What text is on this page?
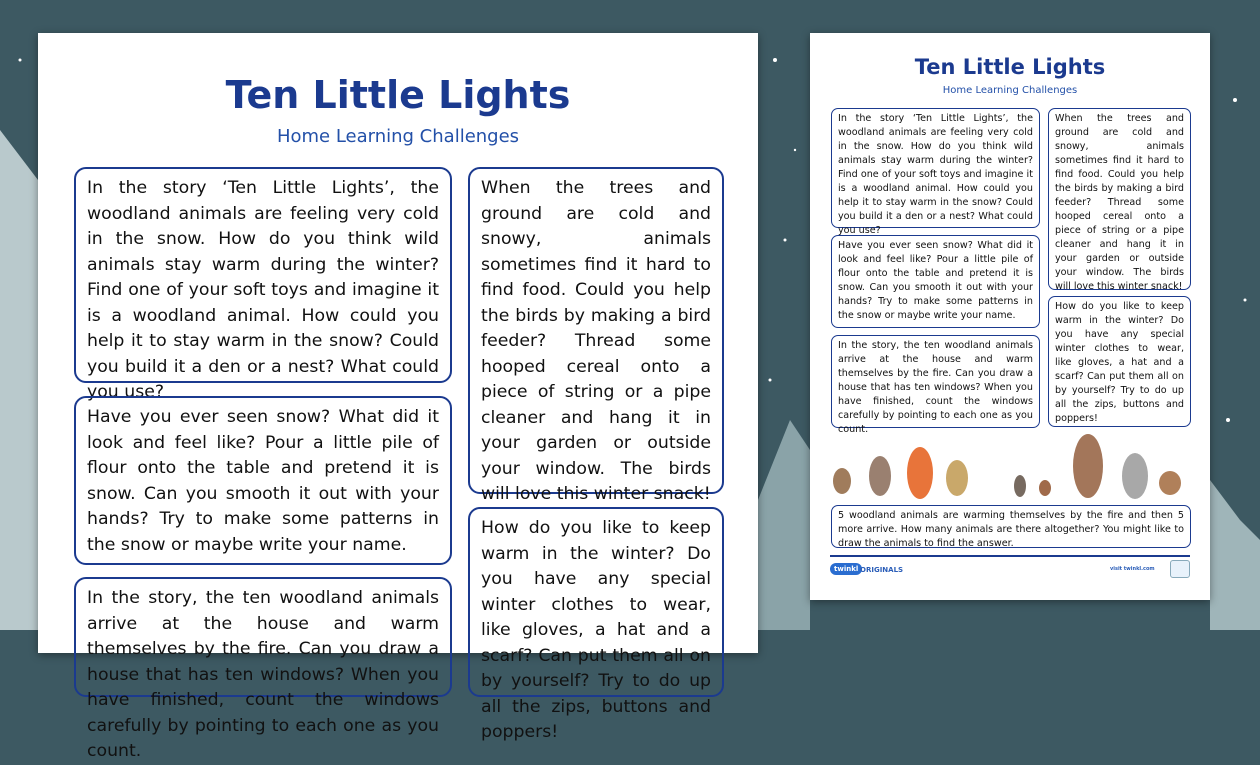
Ten Little Lights
Home Learning Challenges
In the story ‘Ten Little Lights’, the woodland animals are feeling very cold in the snow. How do you think wild animals stay warm during the winter? Find one of your soft toys and imagine it is a woodland animal. How could you help it to stay warm in the snow? Could you build it a den or a nest? What could you use?
Have you ever seen snow? What did it look and feel like? Pour a little pile of flour onto the table and pretend it is snow. Can you smooth it out with your hands? Try to make some patterns in the snow or maybe write your name.
In the story, the ten woodland animals arrive at the house and warm themselves by the fire. Can you draw a house that has ten windows? When you have finished, count the windows carefully by pointing to each one as you count.
When the trees and ground are cold and snowy, animals sometimes find it hard to find food. Could you help the birds by making a bird feeder? Thread some hooped cereal onto a piece of string or a pipe cleaner and hang it in your garden or outside your window. The birds will love this winter snack!
How do you like to keep warm in the winter? Do you have any special winter clothes to wear, like gloves, a hat and a scarf? Can put them all on by yourself? Try to do up all the zips, buttons and poppers!
Ten Little Lights
Home Learning Challenges
In the story ‘Ten Little Lights’, the woodland animals are feeling very cold in the snow. How do you think wild animals stay warm during the winter? Find one of your soft toys and imagine it is a woodland animal. How could you help it to stay warm in the snow? Could you build it a den or a nest? What could you use?
Have you ever seen snow? What did it look and feel like? Pour a little pile of flour onto the table and pretend it is snow. Can you smooth it out with your hands? Try to make some patterns in the snow or maybe write your name.
In the story, the ten woodland animals arrive at the house and warm themselves by the fire. Can you draw a house that has ten windows? When you have finished, count the windows carefully by pointing to each one as you count.
When the trees and ground are cold and snowy, animals sometimes find it hard to find food. Could you help the birds by making a bird feeder? Thread some hooped cereal onto a piece of string or a pipe cleaner and hang it in your garden or outside your window. The birds will love this winter snack!
How do you like to keep warm in the winter? Do you have any special winter clothes to wear, like gloves, a hat and a scarf? Can put them all on by yourself? Try to do up all the zips, buttons and poppers!
5 woodland animals are warming themselves by the fire and then 5 more arrive. How many animals are there altogether? You might like to draw the animals to find the answer.
twinkl ORIGINALS	visit twinkl.com
